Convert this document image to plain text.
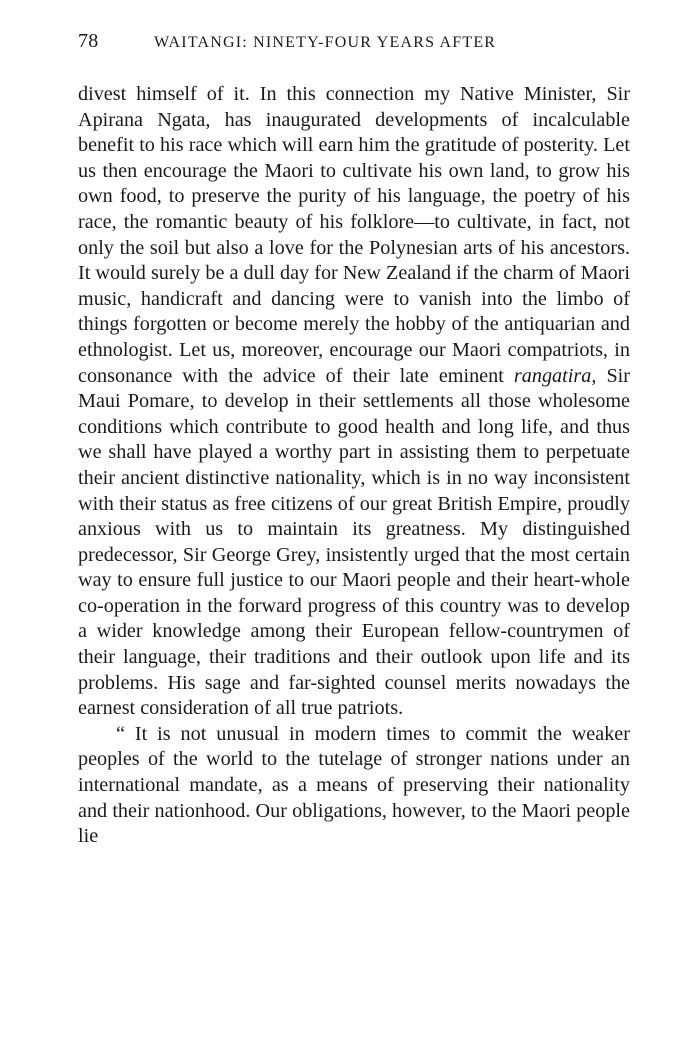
78	WAITANGI: NINETY-FOUR YEARS AFTER

divest himself of it. In this connection my Native Minister, Sir Apirana Ngata, has inaugurated developments of incalculable benefit to his race which will earn him the gratitude of posterity. Let us then encourage the Maori to cultivate his own land, to grow his own food, to preserve the purity of his language, the poetry of his race, the romantic beauty of his folklore—to cultivate, in fact, not only the soil but also a love for the Polynesian arts of his ancestors. It would surely be a dull day for New Zealand if the charm of Maori music, handicraft and dancing were to vanish into the limbo of things forgotten or become merely the hobby of the antiquarian and ethnologist. Let us, moreover, encourage our Maori compatriots, in consonance with the advice of their late eminent rangatira, Sir Maui Pomare, to develop in their settlements all those wholesome conditions which contribute to good health and long life, and thus we shall have played a worthy part in assisting them to perpetuate their ancient distinctive nationality, which is in no way inconsistent with their status as free citizens of our great British Empire, proudly anxious with us to maintain its greatness. My distinguished predecessor, Sir George Grey, insistently urged that the most certain way to ensure full justice to our Maori people and their heart-whole co-operation in the forward progress of this country was to develop a wider knowledge among their European fellow-countrymen of their language, their traditions and their outlook upon life and its problems. His sage and far-sighted counsel merits nowadays the earnest consideration of all true patriots.

“ It is not unusual in modern times to commit the weaker peoples of the world to the tutelage of stronger nations under an international mandate, as a means of preserving their nationality and their nationhood. Our obligations, however, to the Maori people lie
